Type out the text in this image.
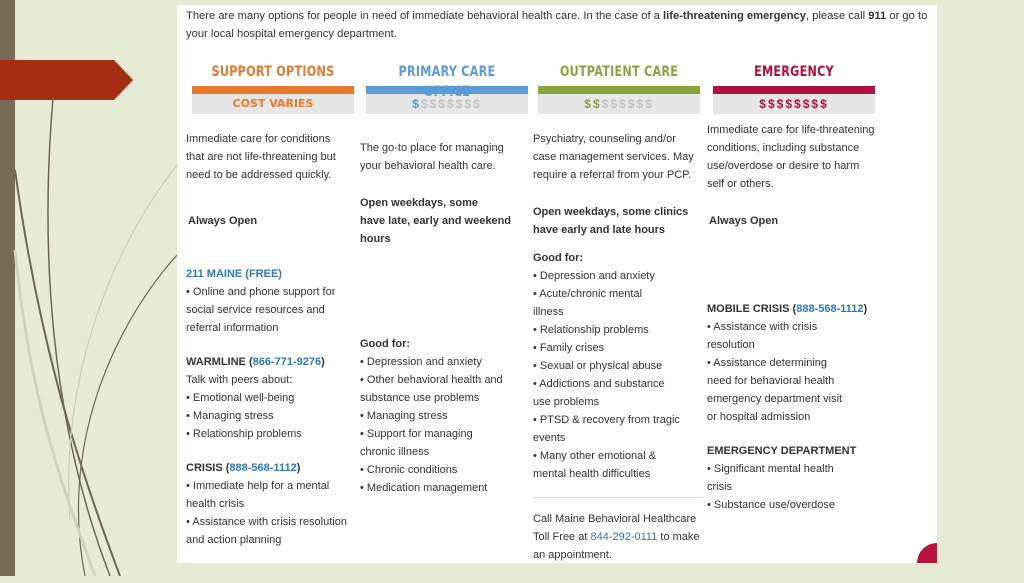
There are many options for people in need of immediate behavioral health care. In the case of a life-threatening emergency, please call 911 or go to your local hospital emergency department.
SUPPORT OPTIONS
COST VARIES
PRIMARY CARE OFFICE
$$$$$$$$
OUTPATIENT CARE
$$$$$$$$
EMERGENCY
$$$$$$$$
Immediate care for conditions
that are not life-threatening but
need to be addressed quickly.
Always Open
211 MAINE (FREE)
• Online and phone support for
social service resources and
referral information
WARMLINE (866-771-9276)
Talk with peers about:
• Emotional well-being
• Managing stress
• Relationship problems
CRISIS (888-568-1112)
• Immediate help for a mental
health crisis
• Assistance with crisis resolution
and action planning
The go-to place for managing
your behavioral health care.
Open weekdays, some
have late, early and weekend
hours
Good for:
• Depression and anxiety
• Other behavioral health and
substance use problems
• Managing stress
• Support for managing
chronic illness
• Chronic conditions
• Medication management
Psychiatry, counseling and/or
case management services. May
require a referral from your PCP.
Open weekdays, some clinics
have early and late hours
Good for:
• Depression and anxiety
• Acute/chronic mental
illness
• Relationship problems
• Family crises
• Sexual or physical abuse
• Addictions and substance
use problems
• PTSD & recovery from tragic
events
• Many other emotional &
mental health difficulties
Call Maine Behavioral Healthcare
Toll Free at 844-292-0111 to make
an appointment.
Immediate care for life-threatening
conditions, including substance
use/overdose or desire to harm
self or others.
Always Open
MOBILE CRISIS (888-568-1112)
• Assistance with crisis
resolution
• Assistance determining
need for behavioral health
emergency department visit
or hospital admission
EMERGENCY DEPARTMENT
• Significant mental health
crisis
• Substance use/overdose
